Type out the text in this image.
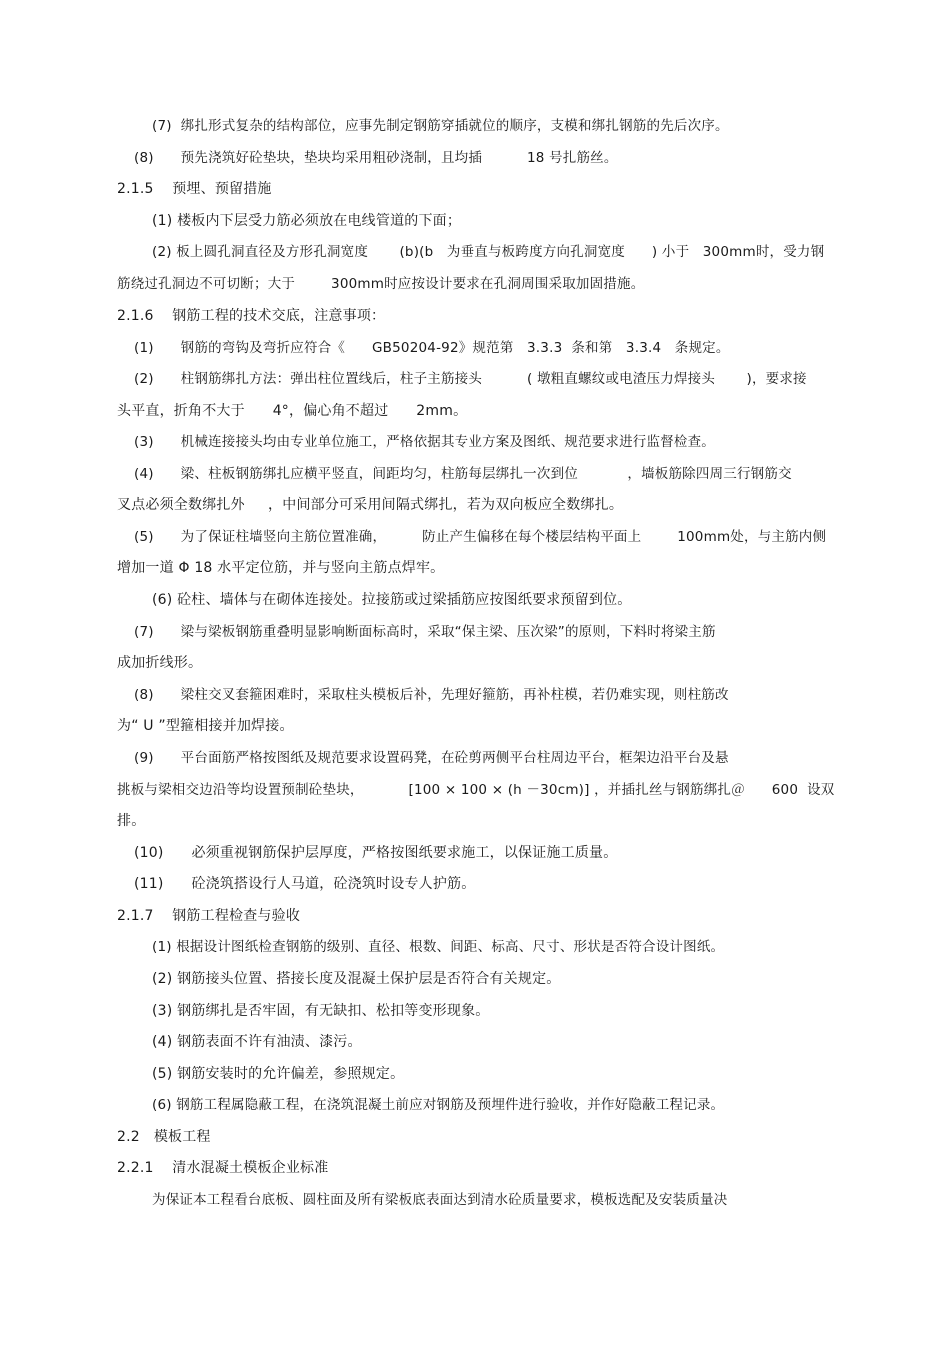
(7)  绑扎形式复杂的结构部位，应事先制定钢筋穿插就位的顺序，支模和绑扎钢筋的先后次序。
(8)      预先浇筑好砼垫块，垫块均采用粗砂浇制，且均插          18 号扎筋丝。
2.1.5    预埋、预留措施
(1) 楼板内下层受力筋必须放在电线管道的下面；
(2) 板上圆孔洞直径及方形孔洞宽度       (b)(b   为垂直与板跨度方向孔洞宽度      ) 小于   300mm时，受力钢
筋绕过孔洞边不可切断；大于        300mm时应按设计要求在孔洞周围采取加固措施。
2.1.6    钢筋工程的技术交底，注意事项：
(1)      钢筋的弯钩及弯折应符合《      GB50204-92》规范第   3.3.3  条和第   3.3.4   条规定。
(2)      柱钢筋绑扎方法：弹出柱位置线后，柱子主筋接头          ( 墩粗直螺纹或电渣压力焊接头       )，要求接
头平直，折角不大于      4°，偏心角不超过      2mm。
(3)      机械连接接头均由专业单位施工，严格依据其专业方案及图纸、规范要求进行监督检查。
(4)      梁、柱板钢筋绑扎应横平竖直，间距均匀，柱筋每层绑扎一次到位           ，墙板筋除四周三行钢筋交
叉点必须全数绑扎外     ，中间部分可采用间隔式绑扎，若为双向板应全数绑扎。
(5)      为了保证柱墙竖向主筋位置准确，        防止产生偏移在每个楼层结构平面上        100mm处，与主筋内侧
增加一道 Φ 18 水平定位筋，并与竖向主筋点焊牢。
(6) 砼柱、墙体与在砌体连接处。拉接筋或过梁插筋应按图纸要求预留到位。
(7)      梁与梁板钢筋重叠明显影响断面标高时，采取“保主梁、压次梁”的原则，下料时将梁主筋
成加折线形。
(8)      梁柱交叉套箍困难时，采取柱头模板后补，先理好箍筋，再补柱模，若仍难实现，则柱筋改
为“ U ”型箍相接并加焊接。
(9)      平台面筋严格按图纸及规范要求设置码凳，在砼剪两侧平台柱周边平台，框架边沿平台及悬
挑板与梁相交边沿等均设置预制砼垫块，          [100 × 100 × (h －30cm)] ，并插扎丝与钢筋绑扎＠      600  设双
排。
(10)      必须重视钢筋保护层厚度，严格按图纸要求施工，以保证施工质量。
(11)      砼浇筑搭设行人马道，砼浇筑时设专人护筋。
2.1.7    钢筋工程检查与验收
(1) 根据设计图纸检查钢筋的级别、直径、根数、间距、标高、尺寸、形状是否符合设计图纸。
(2) 钢筋接头位置、搭接长度及混凝土保护层是否符合有关规定。
(3) 钢筋绑扎是否牢固，有无缺扣、松扣等变形现象。
(4) 钢筋表面不许有油渍、漆污。
(5) 钢筋安装时的允许偏差，参照规定。
(6) 钢筋工程属隐蔽工程，在浇筑混凝土前应对钢筋及预埋件进行验收，并作好隐蔽工程记录。
2.2   模板工程
2.2.1    清水混凝土模板企业标准
为保证本工程看台底板、圆柱面及所有梁板底表面达到清水砼质量要求，模板选配及安装质量决
